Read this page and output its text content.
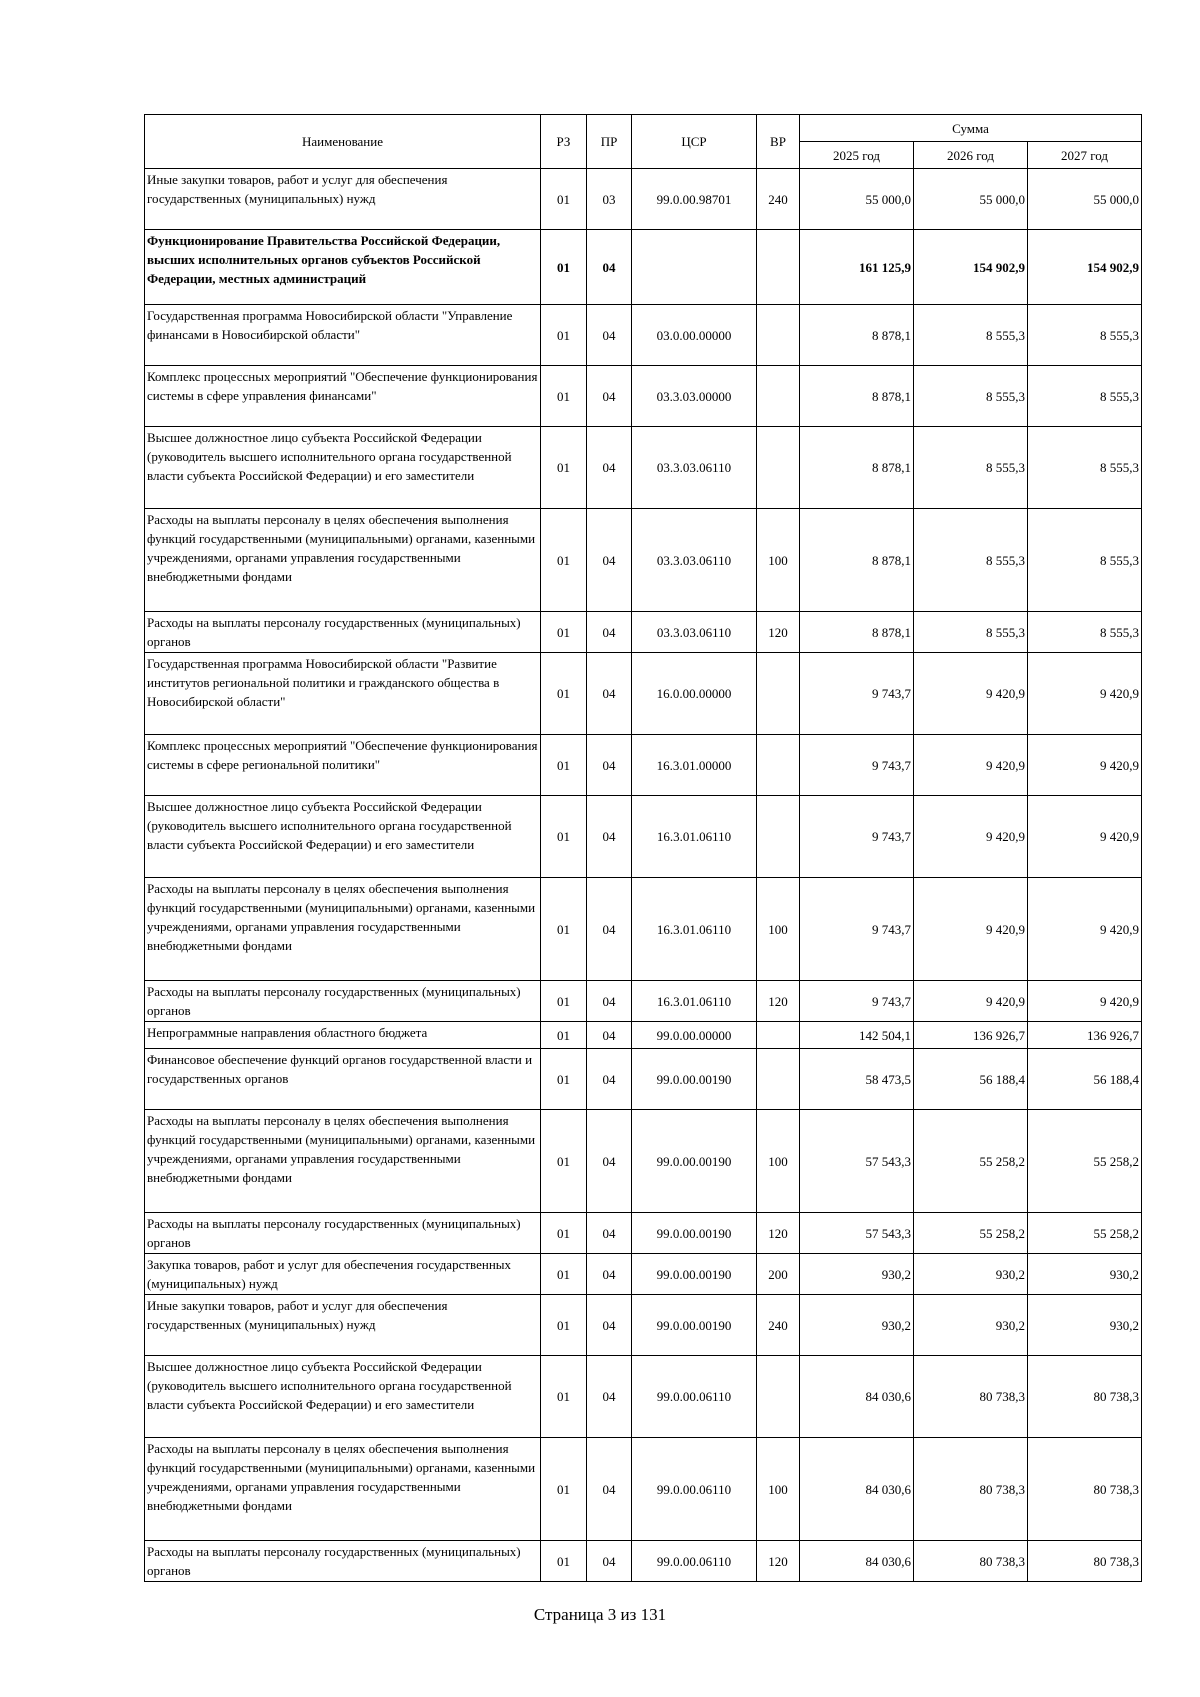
Наименование	РЗ	ПР	ЦСР	ВР	Сумма		
					2025 год	2026 год	2027 год
Иные закупки товаров, работ и услуг для обеспечения государственных (муниципальных) нужд	01	03	99.0.00.98701	240	55 000,0	55 000,0	55 000,0
Функционирование Правительства Российской Федерации, высших исполнительных органов субъектов Российской Федерации, местных администраций	01	04			161 125,9	154 902,9	154 902,9
Государственная программа Новосибирской области "Управление финансами в Новосибирской области"	01	04	03.0.00.00000		8 878,1	8 555,3	8 555,3
Комплекс процессных мероприятий "Обеспечение функционирования системы в сфере управления финансами"	01	04	03.3.03.00000		8 878,1	8 555,3	8 555,3
Высшее должностное лицо субъекта Российской Федерации (руководитель высшего исполнительного органа государственной власти субъекта Российской Федерации) и его заместители	01	04	03.3.03.06110		8 878,1	8 555,3	8 555,3
Расходы на выплаты персоналу в целях обеспечения выполнения функций государственными (муниципальными) органами, казенными учреждениями, органами управления государственными внебюджетными фондами	01	04	03.3.03.06110	100	8 878,1	8 555,3	8 555,3
Расходы на выплаты персоналу государственных (муниципальных) органов	01	04	03.3.03.06110	120	8 878,1	8 555,3	8 555,3
Государственная программа Новосибирской области "Развитие институтов региональной политики и гражданского общества в Новосибирской области"	01	04	16.0.00.00000		9 743,7	9 420,9	9 420,9
Комплекс процессных мероприятий "Обеспечение функционирования системы в сфере региональной политики"	01	04	16.3.01.00000		9 743,7	9 420,9	9 420,9
Высшее должностное лицо субъекта Российской Федерации (руководитель высшего исполнительного органа государственной власти субъекта Российской Федерации) и его заместители	01	04	16.3.01.06110		9 743,7	9 420,9	9 420,9
Расходы на выплаты персоналу в целях обеспечения выполнения функций государственными (муниципальными) органами, казенными учреждениями, органами управления государственными внебюджетными фондами	01	04	16.3.01.06110	100	9 743,7	9 420,9	9 420,9
Расходы на выплаты персоналу государственных (муниципальных) органов	01	04	16.3.01.06110	120	9 743,7	9 420,9	9 420,9
Непрограммные направления областного бюджета	01	04	99.0.00.00000		142 504,1	136 926,7	136 926,7
Финансовое обеспечение функций органов государственной власти и государственных органов	01	04	99.0.00.00190		58 473,5	56 188,4	56 188,4
Расходы на выплаты персоналу в целях обеспечения выполнения функций государственными (муниципальными) органами, казенными учреждениями, органами управления государственными внебюджетными фондами	01	04	99.0.00.00190	100	57 543,3	55 258,2	55 258,2
Расходы на выплаты персоналу государственных (муниципальных) органов	01	04	99.0.00.00190	120	57 543,3	55 258,2	55 258,2
Закупка товаров, работ и услуг для обеспечения государственных (муниципальных) нужд	01	04	99.0.00.00190	200	930,2	930,2	930,2
Иные закупки товаров, работ и услуг для обеспечения государственных (муниципальных) нужд	01	04	99.0.00.00190	240	930,2	930,2	930,2
Высшее должностное лицо субъекта Российской Федерации (руководитель высшего исполнительного органа государственной власти субъекта Российской Федерации) и его заместители	01	04	99.0.00.06110		84 030,6	80 738,3	80 738,3
Расходы на выплаты персоналу в целях обеспечения выполнения функций государственными (муниципальными) органами, казенными учреждениями, органами управления государственными внебюджетными фондами	01	04	99.0.00.06110	100	84 030,6	80 738,3	80 738,3
Расходы на выплаты персоналу государственных (муниципальных) органов	01	04	99.0.00.06110	120	84 030,6	80 738,3	80 738,3
Страница 3 из 131
